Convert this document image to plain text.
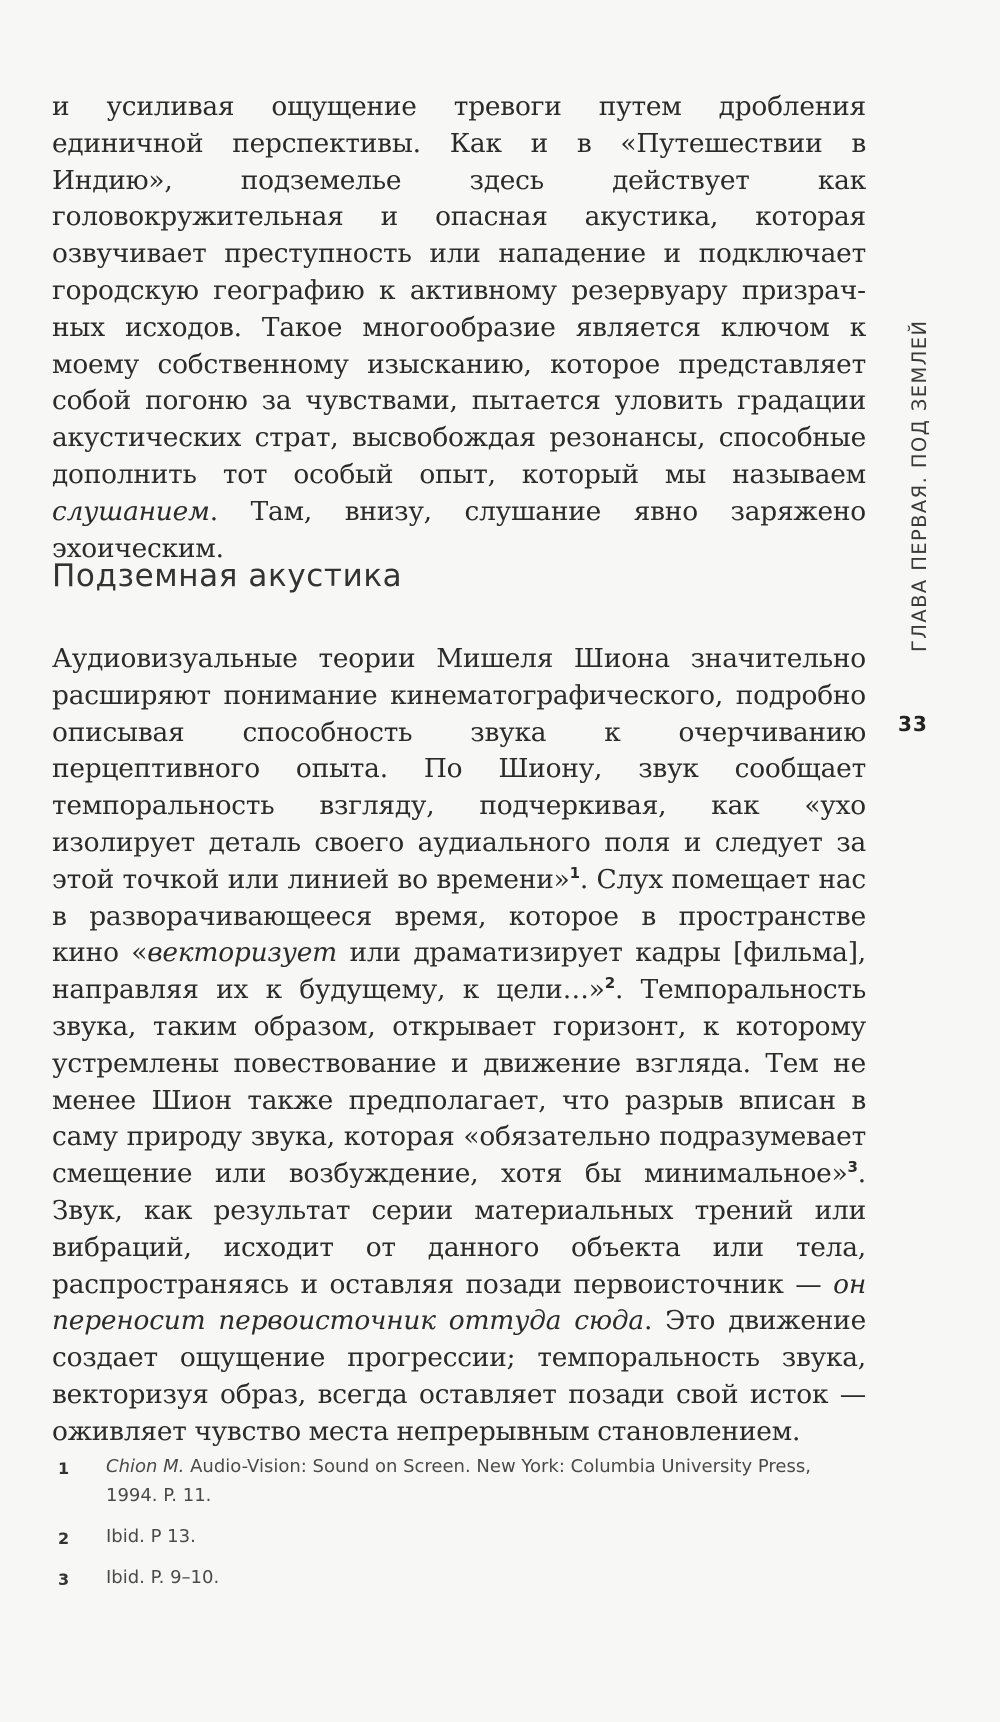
и усиливая ощущение тревоги путем дробления единичной перспективы. Как и в «Путешествии в Индию», подземелье здесь действует как головокружительная и опасная акустика, которая озвучивает преступность или нападение и подключает городскую географию к активному резервуару призрачных исходов. Такое многообразие является ключом к моему собственному изысканию, которое представляет собой погоню за чувствами, пытается уловить градации акустических страт, высвобождая резонансы, способные дополнить тот особый опыт, который мы называем слушанием. Там, внизу, слушание явно заряжено эхоическим.

Подземная акустика

Аудиовизуальные теории Мишеля Шиона значительно расширяют понимание кинематографического, подробно описывая способность звука к очерчиванию перцептивного опыта. По Шиону, звук сообщает темпоральность взгляду, подчеркивая, как «ухо изолирует деталь своего аудиального поля и следует за этой точкой или линией во времени»$^1$. Слух помещает нас в разворачивающееся время, которое в пространстве кино «векторизует или драматизирует кадры [фильма], направляя их к будущему, к цели…»$^2$. Темпоральность звука, таким образом, открывает горизонт, к которому устремлены повествование и движение взгляда. Тем не менее Шион также предполагает, что разрыв вписан в саму природу звука, которая «обязательно подразумевает смещение или возбуждение, хотя бы минимальное»$^3$. Звук, как результат серии материальных трений или вибраций, исходит от данного объекта или тела, распространяясь и оставляя позади первоисточник — он переносит первоисточник оттуда сюда. Это движение создает ощущение прогрессии; темпоральность звука, векторизуя образ, всегда оставляет позади свой исток — оживляет чувство места непрерывным становлением.

ГЛАВА ПЕРВАЯ. ПОД ЗЕМЛЕЙ
33
1 Chion M. Audio-Vision: Sound on Screen. New York: Columbia University Press, 1994. P. 11.
2 Ibid. P 13.
3 Ibid. P. 9–10.
